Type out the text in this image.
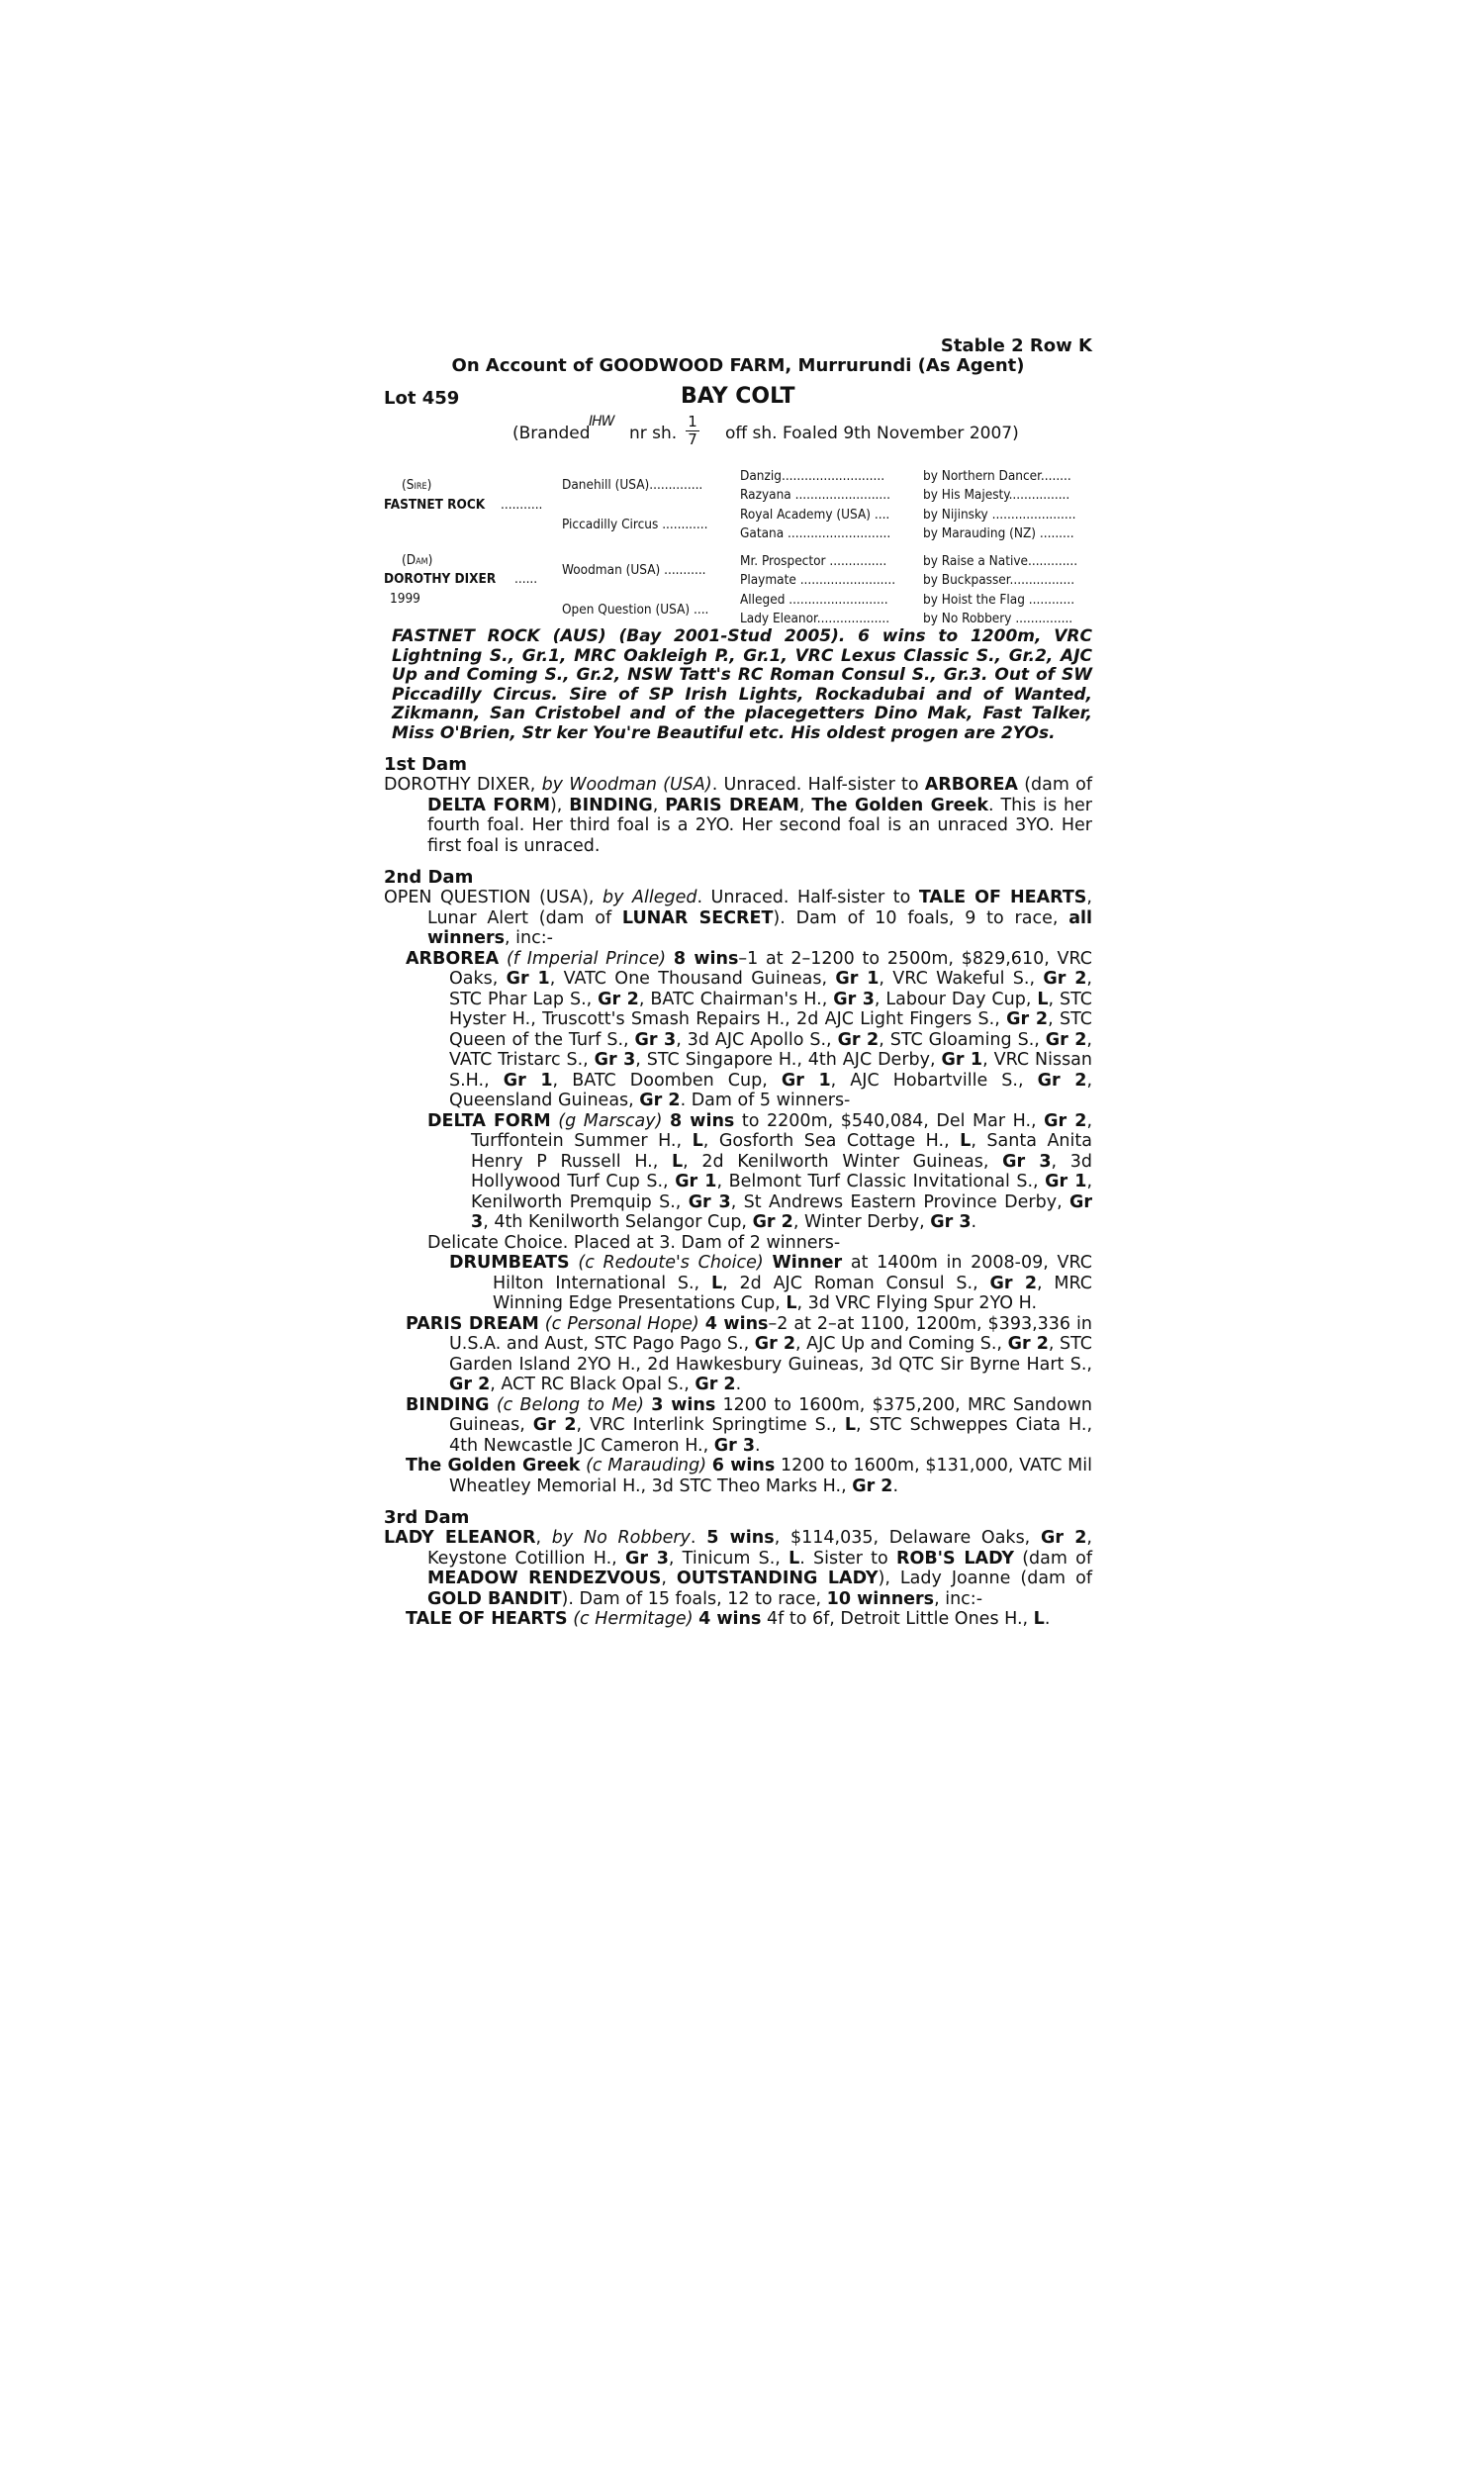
Stable 2 Row K
On Account of GOODWOOD FARM, Murrurundi (As Agent)
Lot 459	BAY COLT
(Branded
IHW
nr sh. $\frac{1}{7}$ off sh. Foaled 9th November 2007)
(Sire)
FASTNET ROCK ...........
(Dam)
DOROTHY DIXER ......
1999
Danehill (USA)..............
Piccadilly Circus ............
Woodman (USA) ...........
Open Question (USA) ....
Danzig...........................
Razyana .........................
Royal Academy (USA) ....
Gatana ...........................
Mr. Prospector ...............
Playmate .........................
Alleged ..........................
Lady Eleanor...................
by Northern Dancer........
by His Majesty................
by Nijinsky ......................
by Marauding (NZ) .........
by Raise a Native.............
by Buckpasser.................
by Hoist the Flag ............
by No Robbery ...............
FASTNET ROCK (AUS) (Bay 2001-Stud 2005). 6 wins to 1200m, VRC Lightning S., Gr.1, MRC Oakleigh P., Gr.1, VRC Lexus Classic S., Gr.2, AJC Up and Coming S., Gr.2, NSW Tatt's RC Roman Consul S., Gr.3. Out of SW Piccadilly Circus. Sire of SP Irish Lights, Rockadubai and of Wanted, Zikmann, San Cristobel and of the placegetters Dino Mak, Fast Talker, Miss O'Brien, Str ker You're Beautiful etc. His oldest progen are 2YOs.
1st Dam
DOROTHY DIXER, by Woodman (USA). Unraced. Half-sister to ARBOREA (dam of DELTA FORM), BINDING, PARIS DREAM, The Golden Greek. This is her fourth foal. Her third foal is a 2YO. Her second foal is an unraced 3YO. Her first foal is unraced.
2nd Dam
OPEN QUESTION (USA), by Alleged. Unraced. Half-sister to TALE OF HEARTS, Lunar Alert (dam of LUNAR SECRET). Dam of 10 foals, 9 to race, all winners, inc:-
ARBOREA (f Imperial Prince) 8 wins–1 at 2–1200 to 2500m, $829,610, VRC Oaks, Gr 1, VATC One Thousand Guineas, Gr 1, VRC Wakeful S., Gr 2, STC Phar Lap S., Gr 2, BATC Chairman's H., Gr 3, Labour Day Cup, L, STC Hyster H., Truscott's Smash Repairs H., 2d AJC Light Fingers S., Gr 2, STC Queen of the Turf S., Gr 3, 3d AJC Apollo S., Gr 2, STC Gloaming S., Gr 2, VATC Tristarc S., Gr 3, STC Singapore H., 4th AJC Derby, Gr 1, VRC Nissan S.H., Gr 1, BATC Doomben Cup, Gr 1, AJC Hobartville S., Gr 2, Queensland Guineas, Gr 2. Dam of 5 winners-
DELTA FORM (g Marscay) 8 wins to 2200m, $540,084, Del Mar H., Gr 2, Turffontein Summer H., L, Gosforth Sea Cottage H., L, Santa Anita Henry P Russell H., L, 2d Kenilworth Winter Guineas, Gr 3, 3d Hollywood Turf Cup S., Gr 1, Belmont Turf Classic Invitational S., Gr 1, Kenilworth Premquip S., Gr 3, St Andrews Eastern Province Derby, Gr 3, 4th Kenilworth Selangor Cup, Gr 2, Winter Derby, Gr 3.
Delicate Choice. Placed at 3. Dam of 2 winners-
DRUMBEATS (c Redoute's Choice) Winner at 1400m in 2008-09, VRC Hilton International S., L, 2d AJC Roman Consul S., Gr 2, MRC Winning Edge Presentations Cup, L, 3d VRC Flying Spur 2YO H.
PARIS DREAM (c Personal Hope) 4 wins–2 at 2–at 1100, 1200m, $393,336 in U.S.A. and Aust, STC Pago Pago S., Gr 2, AJC Up and Coming S., Gr 2, STC Garden Island 2YO H., 2d Hawkesbury Guineas, 3d QTC Sir Byrne Hart S., Gr 2, ACT RC Black Opal S., Gr 2.
BINDING (c Belong to Me) 3 wins 1200 to 1600m, $375,200, MRC Sandown Guineas, Gr 2, VRC Interlink Springtime S., L, STC Schweppes Ciata H., 4th Newcastle JC Cameron H., Gr 3.
The Golden Greek (c Marauding) 6 wins 1200 to 1600m, $131,000, VATC Mil Wheatley Memorial H., 3d STC Theo Marks H., Gr 2.
3rd Dam
LADY ELEANOR, by No Robbery. 5 wins, $114,035, Delaware Oaks, Gr 2, Keystone Cotillion H., Gr 3, Tinicum S., L. Sister to ROB'S LADY (dam of MEADOW RENDEZVOUS, OUTSTANDING LADY), Lady Joanne (dam of GOLD BANDIT). Dam of 15 foals, 12 to race, 10 winners, inc:-
TALE OF HEARTS (c Hermitage) 4 wins 4f to 6f, Detroit Little Ones H., L.
